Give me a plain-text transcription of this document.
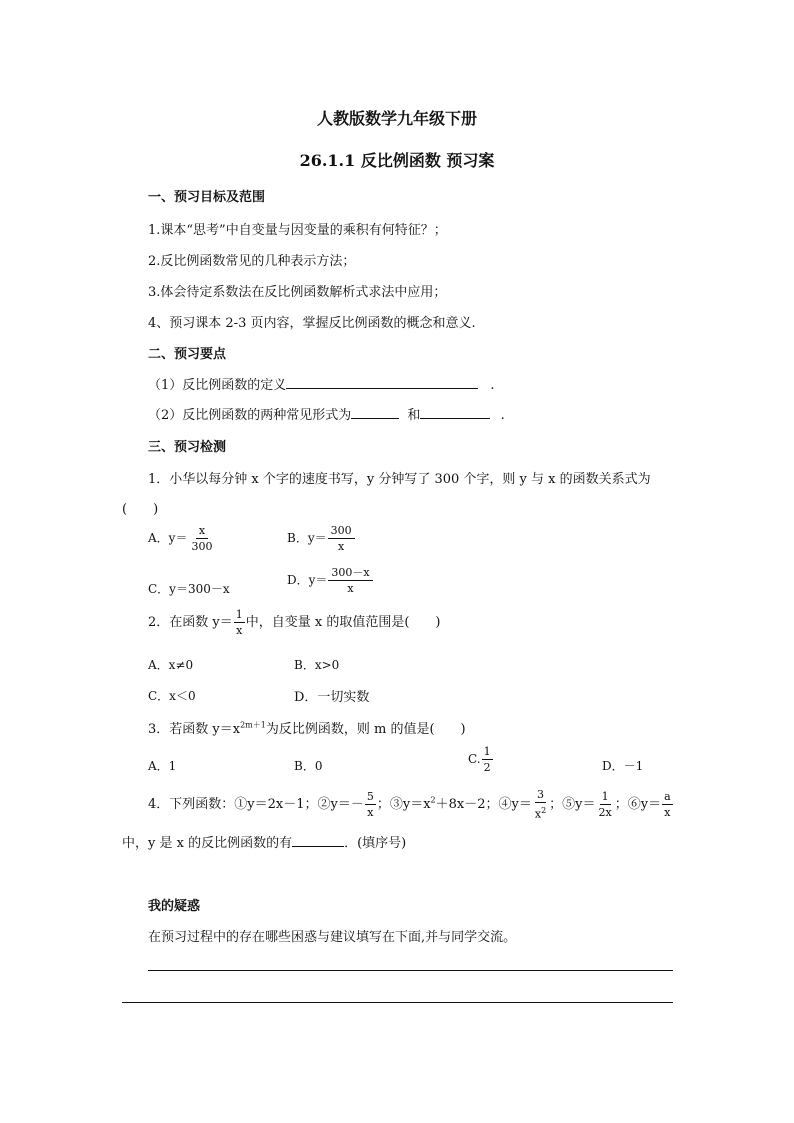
人教版数学九年级下册
26.1.1 反比例函数 预习案
一、预习目标及范围
1.课本“思考”中自变量与因变量的乘积有何特征？；
2.反比例函数常见的几种表示方法；
3.体会待定系数法在反比例函数解析式求法中应用；
4、预习课本 2-3 页内容，掌握反比例函数的概念和意义.
二、预习要点
（1）反比例函数的定义	.
（2）反比例函数的两种常见形式为	和	.
三、预习检测
1．小华以每分钟 x 个字的速度书写，y 分钟写了 300 个字，则 y 与 x 的函数关系式为
(　　)
A．$y= \frac{x}{300}$	B．$y= \frac{300}{x}$
C．y＝300－x
D．$y= \frac{300-x}{x}$
2．在函数 $y= \frac{1}{x}$ 中，自变量 x 的取值范围是(　　)
A．x≠0	B．x>0
C．x＜0	D．一切实数
3．若函数 $y=x^{2m+1}$为反比例函数，则 m 的值是(　　)
A．1	B．0	C. $\frac{1}{2}$	D．－1
4．下列函数：①y＝2x－1；②y＝－ $\frac{5}{x}$ ；$③y=x^2+8x-2$；④y＝ $\frac{3}{x^2}$ ；⑤y＝ $\frac{1}{2x}$ ；⑥y＝ $\frac{a}{x}$
中，y 是 x 的反比例函数的有	．(填序号)
我的疑惑
在预习过程中的存在哪些困惑与建议填写在下面,并与同学交流。
